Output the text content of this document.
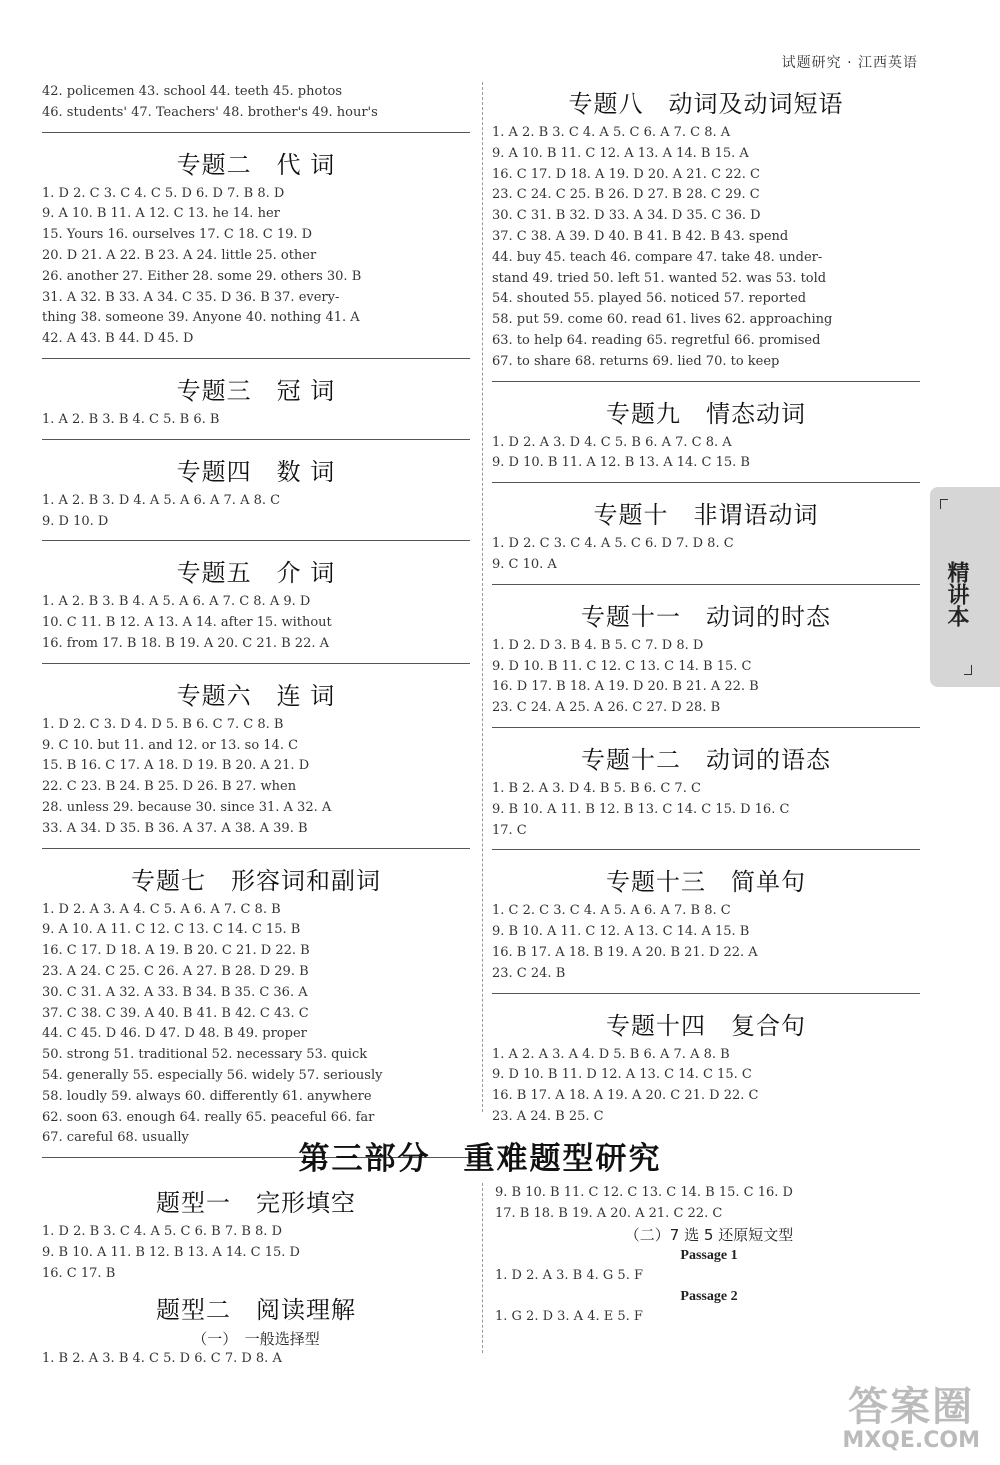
试题研究 · 江西英语
42. policemen 43. school 44. teeth 45. photos
46. students' 47. Teachers' 48. brother's 49. hour's
专题二　代 词
1. D 2. C 3. C 4. C 5. D 6. D 7. B 8. D
9. A 10. B 11. A 12. C 13. he 14. her
15. Yours 16. ourselves 17. C 18. C 19. D
20. D 21. A 22. B 23. A 24. little 25. other
26. another 27. Either 28. some 29. others 30. B
31. A 32. B 33. A 34. C 35. D 36. B 37. every-
thing 38. someone 39. Anyone 40. nothing 41. A
42. A 43. B 44. D 45. D
专题三　冠 词
1. A 2. B 3. B 4. C 5. B 6. B
专题四　数 词
1. A 2. B 3. D 4. A 5. A 6. A 7. A 8. C
9. D 10. D
专题五　介 词
1. A 2. B 3. B 4. A 5. A 6. A 7. C 8. A 9. D
10. C 11. B 12. A 13. A 14. after 15. without
16. from 17. B 18. B 19. A 20. C 21. B 22. A
专题六　连 词
1. D 2. C 3. D 4. D 5. B 6. C 7. C 8. B
9. C 10. but 11. and 12. or 13. so 14. C
15. B 16. C 17. A 18. D 19. B 20. A 21. D
22. C 23. B 24. B 25. D 26. B 27. when
28. unless 29. because 30. since 31. A 32. A
33. A 34. D 35. B 36. A 37. A 38. A 39. B
专题七　形容词和副词
1. D 2. A 3. A 4. C 5. A 6. A 7. C 8. B
9. A 10. A 11. C 12. C 13. C 14. C 15. B
16. C 17. D 18. A 19. B 20. C 21. D 22. B
23. A 24. C 25. C 26. A 27. B 28. D 29. B
30. C 31. A 32. A 33. B 34. B 35. C 36. A
37. C 38. C 39. A 40. B 41. B 42. C 43. C
44. C 45. D 46. D 47. D 48. B 49. proper
50. strong 51. traditional 52. necessary 53. quick
54. generally 55. especially 56. widely 57. seriously
58. loudly 59. always 60. differently 61. anywhere
62. soon 63. enough 64. really 65. peaceful 66. far
67. careful 68. usually
专题八　动词及动词短语
1. A 2. B 3. C 4. A 5. C 6. A 7. C 8. A
9. A 10. B 11. C 12. A 13. A 14. B 15. A
16. C 17. D 18. A 19. D 20. A 21. C 22. C
23. C 24. C 25. B 26. D 27. B 28. C 29. C
30. C 31. B 32. D 33. A 34. D 35. C 36. D
37. C 38. A 39. D 40. B 41. B 42. B 43. spend
44. buy 45. teach 46. compare 47. take 48. under-
stand 49. tried 50. left 51. wanted 52. was 53. told
54. shouted 55. played 56. noticed 57. reported
58. put 59. come 60. read 61. lives 62. approaching
63. to help 64. reading 65. regretful 66. promised
67. to share 68. returns 69. lied 70. to keep
专题九　情态动词
1. D 2. A 3. D 4. C 5. B 6. A 7. C 8. A
9. D 10. B 11. A 12. B 13. A 14. C 15. B
专题十　非谓语动词
1. D 2. C 3. C 4. A 5. C 6. D 7. D 8. C
9. C 10. A
专题十一　动词的时态
1. D 2. D 3. B 4. B 5. C 7. D 8. D
9. D 10. B 11. C 12. C 13. C 14. B 15. C
16. D 17. B 18. A 19. D 20. B 21. A 22. B
23. C 24. A 25. A 26. C 27. D 28. B
专题十二　动词的语态
1. B 2. A 3. D 4. B 5. B 6. C 7. C
9. B 10. A 11. B 12. B 13. C 14. C 15. D 16. C
17. C
专题十三　简单句
1. C 2. C 3. C 4. A 5. A 6. A 7. B 8. C
9. B 10. A 11. C 12. A 13. C 14. A 15. B
16. B 17. A 18. B 19. A 20. B 21. D 22. A
23. C 24. B
专题十四　复合句
1. A 2. A 3. A 4. D 5. B 6. A 7. A 8. B
9. D 10. B 11. D 12. A 13. C 14. C 15. C
16. B 17. A 18. A 19. A 20. C 21. D 22. C
23. A 24. B 25. C
第三部分　重难题型研究
题型一　完形填空
1. D 2. B 3. C 4. A 5. C 6. B 7. B 8. D
9. B 10. A 11. B 12. B 13. A 14. C 15. D
16. C 17. B
题型二　阅读理解
（一）　一般选择型
1. B 2. A 3. B 4. C 5. D 6. C 7. D 8. A
9. B 10. B 11. C 12. C 13. C 14. B 15. C 16. D
17. B 18. B 19. A 20. A 21. C 22. C
（二）7 选 5 还原短文型
Passage 1
1. D 2. A 3. B 4. G 5. F
Passage 2
1. G 2. D 3. A 4. E 5. F
精讲本
答案圈
MXQE.COM
